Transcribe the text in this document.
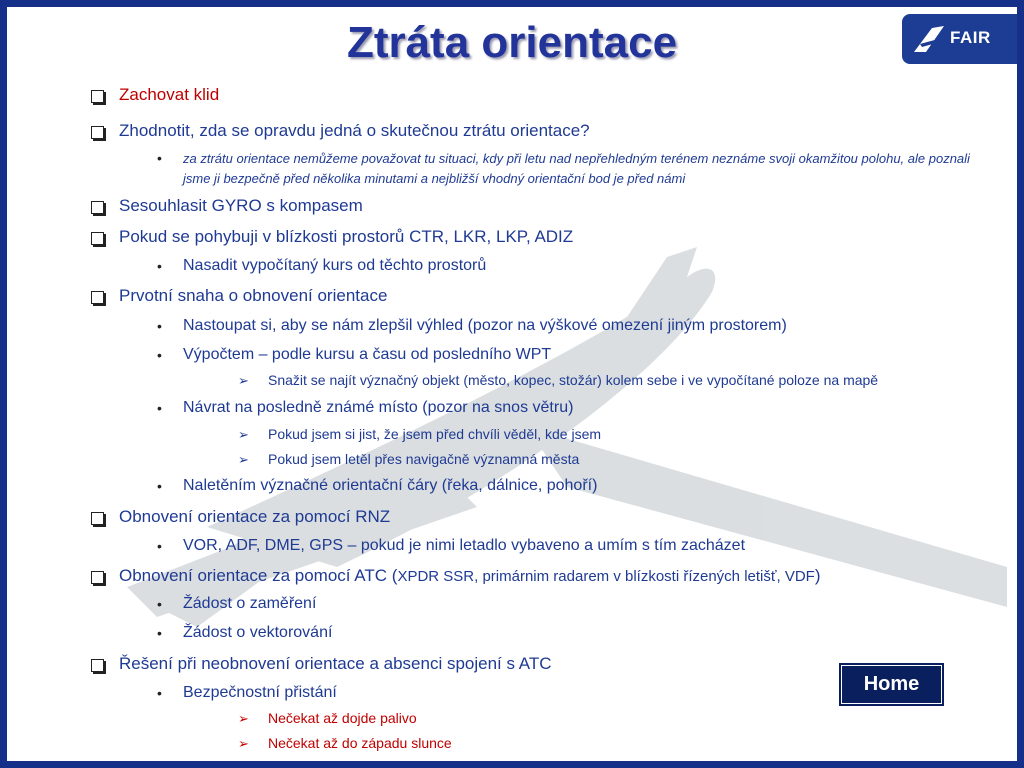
FAIR
Ztráta orientace
Zachovat klid
Zhodnotit, zda se opravdu jedná o skutečnou ztrátu orientace?
• za ztrátu orientace nemůžeme považovat tu situaci, kdy při letu nad nepřehledným terénem neznáme svoji okamžitou polohu, ale poznali jsme ji bezpečně před několika minutami a nejbližší vhodný orientační bod je před námi
Sesouhlasit GYRO s kompasem
Pokud se pohybuji v blízkosti prostorů CTR, LKR, LKP, ADIZ
• Nasadit vypočítaný kurs od těchto prostorů
Prvotní snaha o obnovení orientace
• Nastoupat si, aby se nám zlepšil výhled (pozor na výškové omezení jiným prostorem)
• Výpočtem – podle kursu a času od posledního WPT
➢ Snažit se najít význačný objekt (město, kopec, stožár) kolem sebe i ve vypočítané poloze na mapě
• Návrat na posledně známé místo (pozor na snos větru)
➢ Pokud jsem si jist, že jsem před chvíli věděl, kde jsem
➢ Pokud jsem letěl přes navigačně významná města
• Naletěním význačné orientační čáry (řeka, dálnice, pohoří)
Obnovení orientace za pomocí RNZ
• VOR, ADF, DME, GPS – pokud je nimi letadlo vybaveno a umím s tím zacházet
Obnovení orientace za pomocí ATC (XPDR SSR, primárnim radarem v blízkosti řízených letišť, VDF)
• Žádost o zaměření
• Žádost o vektorování
Řešení při neobnovení orientace a absenci spojení s ATC
• Bezpečnostní přistání
➢ Nečekat až dojde palivo
➢ Nečekat až do západu slunce
Home
